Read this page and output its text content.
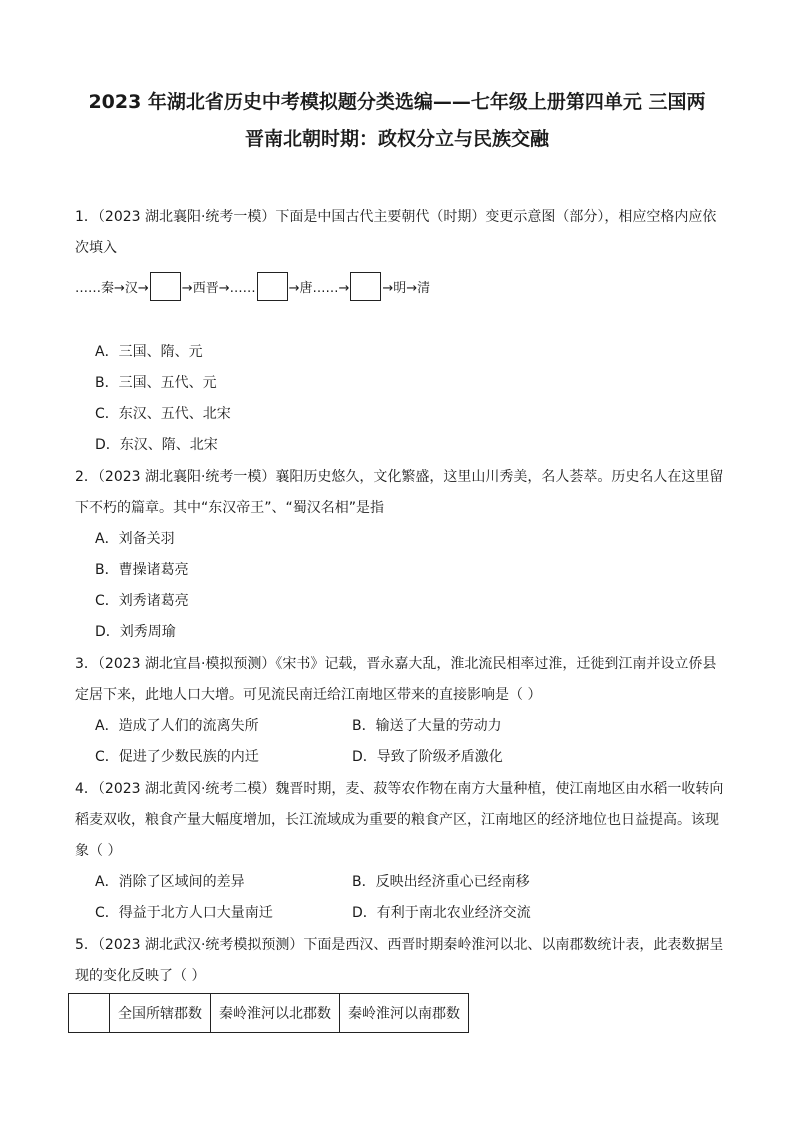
2023 年湖北省历史中考模拟题分类选编——七年级上册第四单元 三国两
晋南北朝时期：政权分立与民族交融
1．（2023 湖北襄阳·统考一模）下面是中国古代主要朝代（时期）变更示意图（部分），相应空格内应依次填入
……秦→汉→	→西晋→……	→唐……→	→明→清
A．三国、隋、元
B．三国、五代、元
C．东汉、五代、北宋
D．东汉、隋、北宋
2．（2023 湖北襄阳·统考一模）襄阳历史悠久，文化繁盛，这里山川秀美，名人荟萃。历史名人在这里留下不朽的篇章。其中“东汉帝王”、“蜀汉名相”是指
A．刘备关羽
B．曹操诸葛亮
C．刘秀诸葛亮
D．刘秀周瑜
3．（2023 湖北宜昌·模拟预测）《宋书》记载，晋永嘉大乱，淮北流民相率过淮，迁徙到江南并设立侨县定居下来，此地人口大增。可见流民南迁给江南地区带来的直接影响是（ ）
A．造成了人们的流离失所	B．输送了大量的劳动力
C．促进了少数民族的内迁	D．导致了阶级矛盾激化
4．（2023 湖北黄冈·统考二模）魏晋时期，麦、菽等农作物在南方大量种植，使江南地区由水稻一收转向稻麦双收，粮食产量大幅度增加，长江流域成为重要的粮食产区，江南地区的经济地位也日益提高。该现象（ ）
A．消除了区域间的差异	B．反映出经济重心已经南移
C．得益于北方人口大量南迁	D．有利于南北农业经济交流
5．（2023 湖北武汉·统考模拟预测）下面是西汉、西晋时期秦岭淮河以北、以南郡数统计表，此表数据呈现的变化反映了（ ）
	全国所辖郡数	秦岭淮河以北郡数	秦岭淮河以南郡数
